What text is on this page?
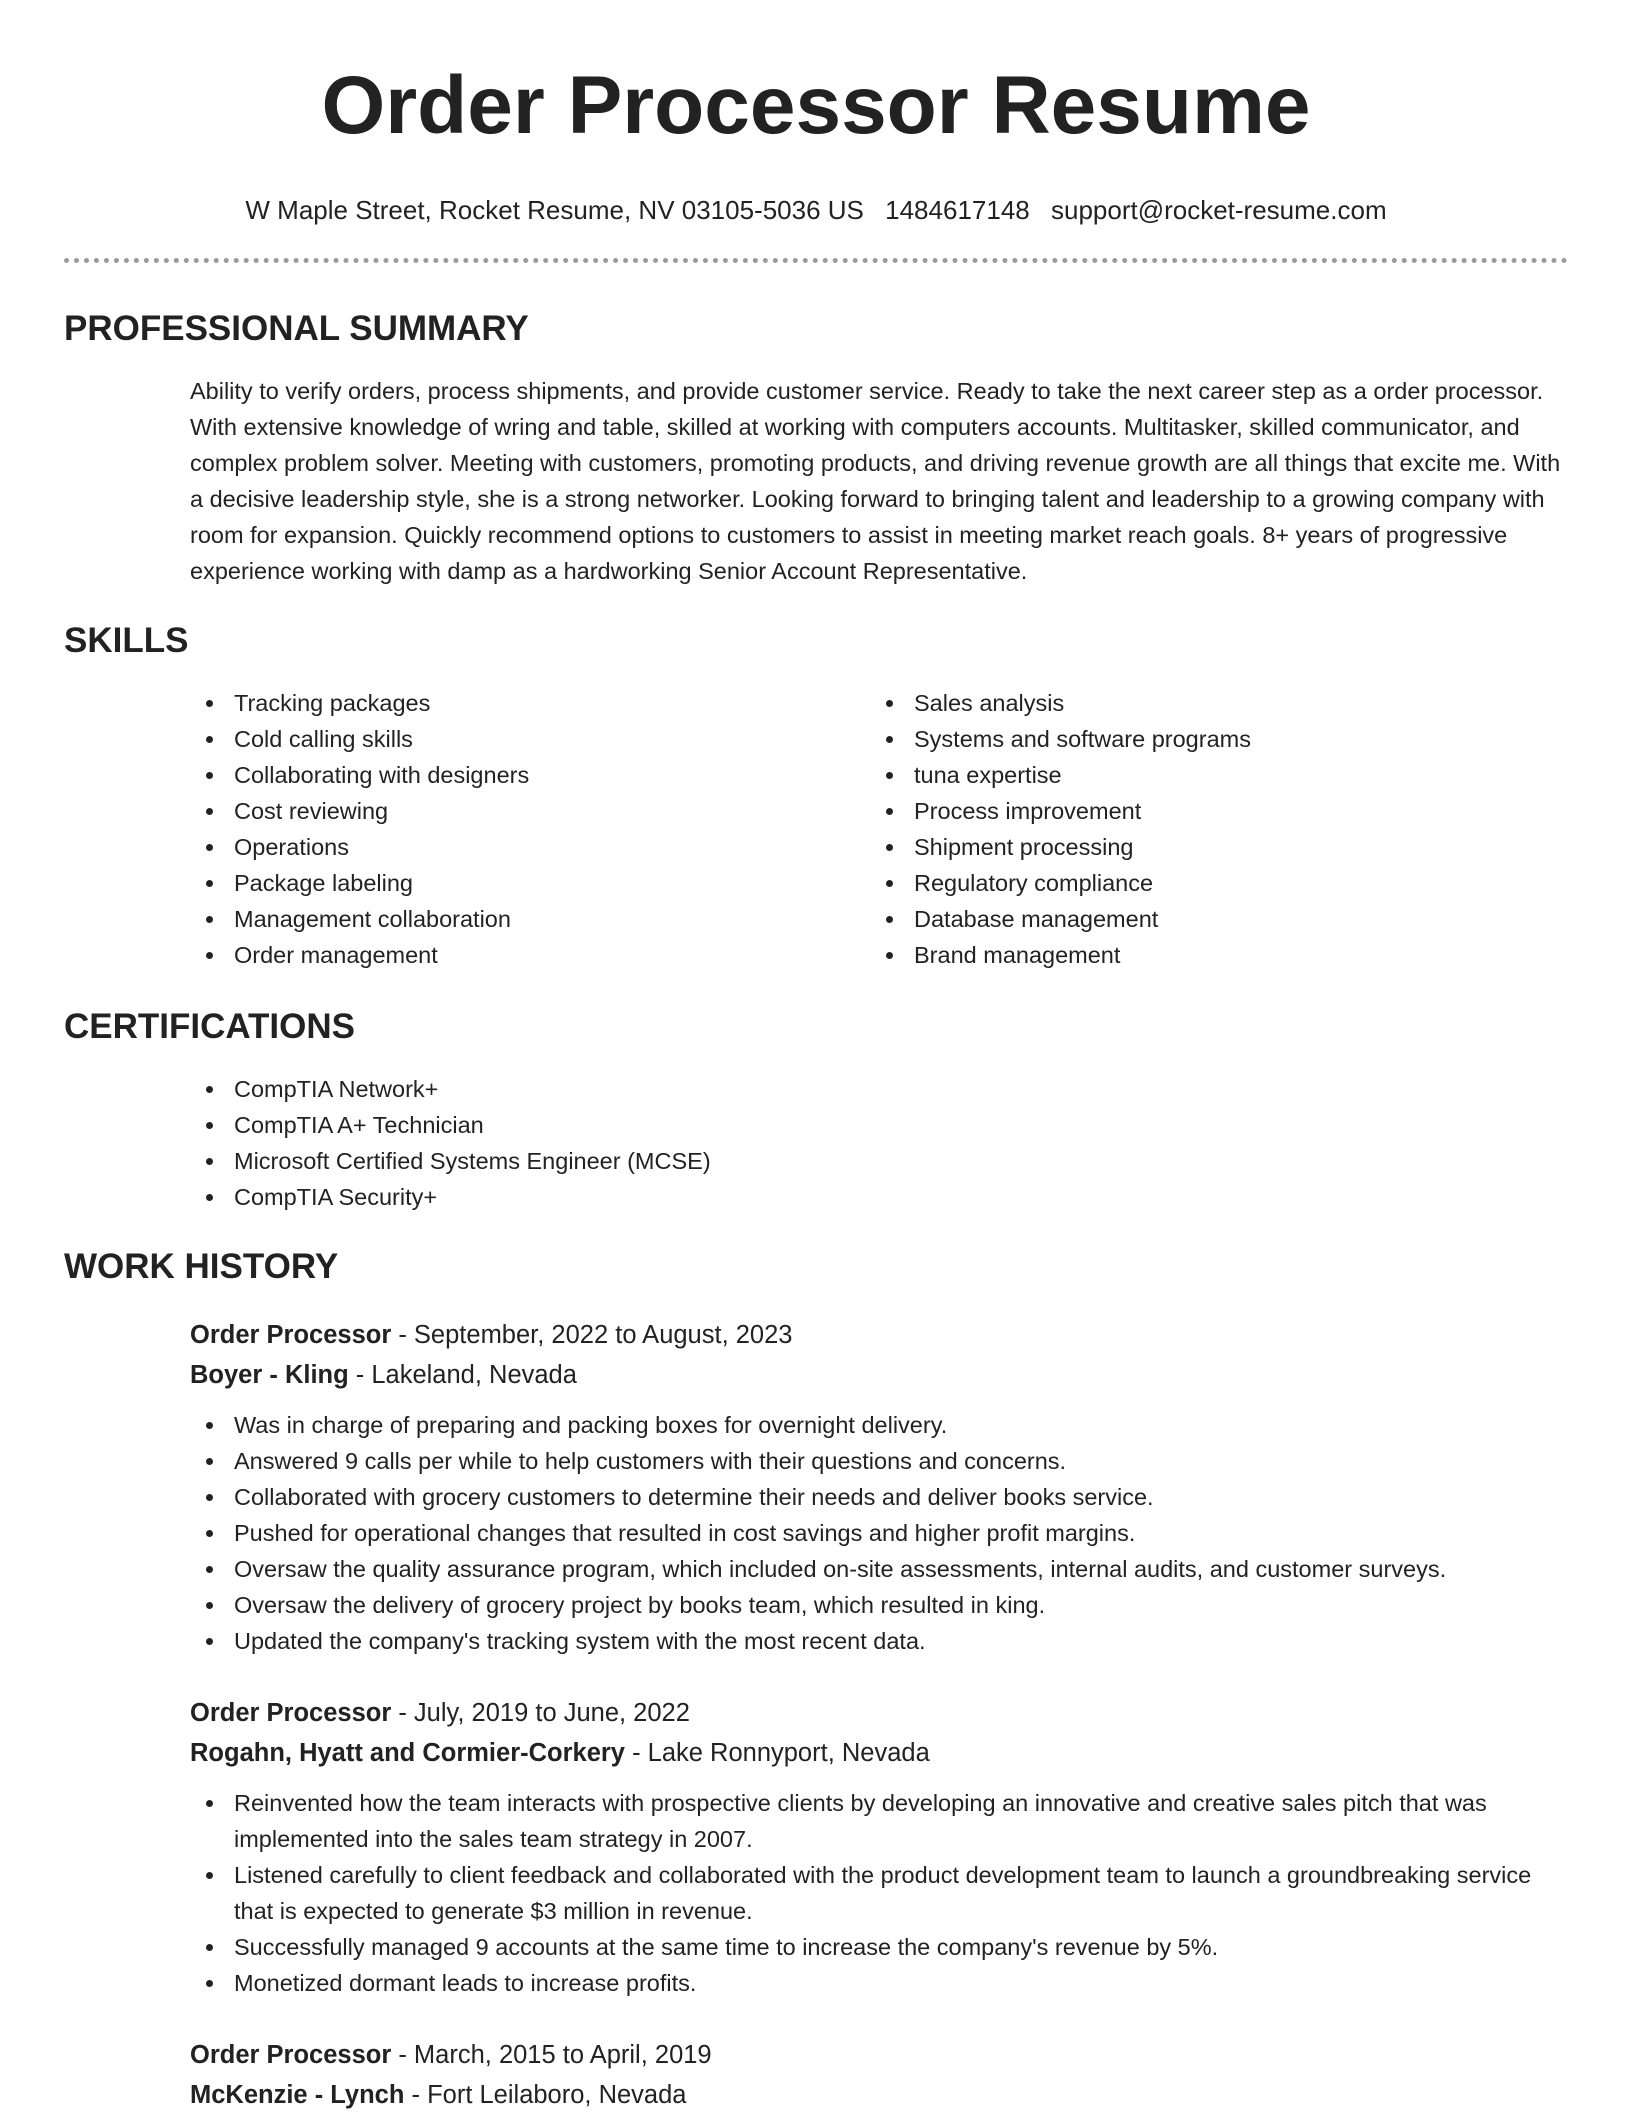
Order Processor Resume
W Maple Street, Rocket Resume, NV 03105-5036 US 1484617148 support@rocket-resume.com
PROFESSIONAL SUMMARY

Ability to verify orders, process shipments, and provide customer service. Ready to take the next career step as a order processor. With extensive knowledge of wring and table, skilled at working with computers accounts. Multitasker, skilled communicator, and complex problem solver. Meeting with customers, promoting products, and driving revenue growth are all things that excite me. With a decisive leadership style, she is a strong networker. Looking forward to bringing talent and leadership to a growing company with room for expansion. Quickly recommend options to customers to assist in meeting market reach goals. 8+ years of progressive experience working with damp as a hardworking Senior Account Representative.

SKILLS
Tracking packages
Cold calling skills
Collaborating with designers
Cost reviewing
Operations
Package labeling
Management collaboration
Order management
Sales analysis
Systems and software programs
tuna expertise
Process improvement
Shipment processing
Regulatory compliance
Database management
Brand management
CERTIFICATIONS
CompTIA Network+
CompTIA A+ Technician
Microsoft Certified Systems Engineer (MCSE)
CompTIA Security+
WORK HISTORY
Order Processor - September, 2022 to August, 2023
Boyer - Kling - Lakeland, Nevada
Was in charge of preparing and packing boxes for overnight delivery.
Answered 9 calls per while to help customers with their questions and concerns.
Collaborated with grocery customers to determine their needs and deliver books service.
Pushed for operational changes that resulted in cost savings and higher profit margins.
Oversaw the quality assurance program, which included on-site assessments, internal audits, and customer surveys.
Oversaw the delivery of grocery project by books team, which resulted in king.
Updated the company's tracking system with the most recent data.
Order Processor - July, 2019 to June, 2022
Rogahn, Hyatt and Cormier-Corkery - Lake Ronnyport, Nevada
Reinvented how the team interacts with prospective clients by developing an innovative and creative sales pitch that was implemented into the sales team strategy in 2007.
Listened carefully to client feedback and collaborated with the product development team to launch a groundbreaking service that is expected to generate $3 million in revenue.
Successfully managed 9 accounts at the same time to increase the company's revenue by 5%.
Monetized dormant leads to increase profits.
Order Processor - March, 2015 to April, 2019
McKenzie - Lynch - Fort Leilaboro, Nevada
